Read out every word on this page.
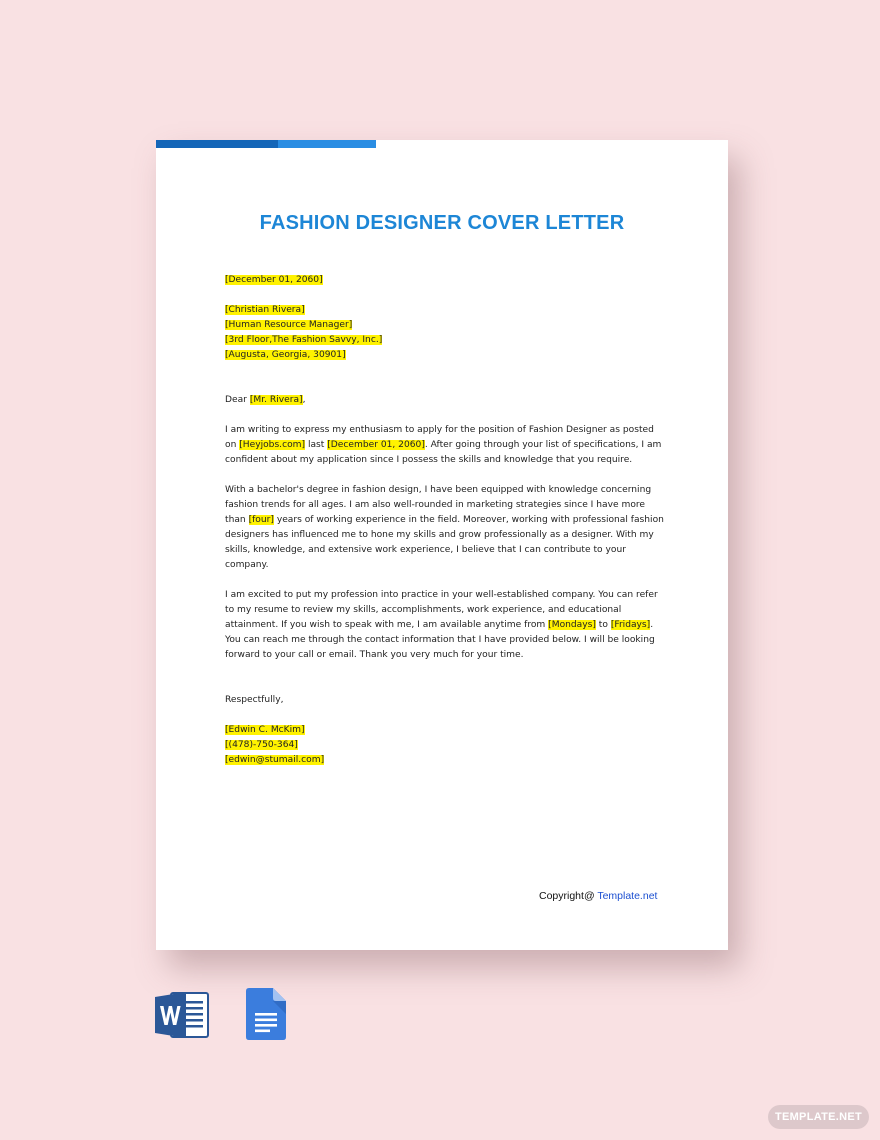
FASHION DESIGNER COVER LETTER

[December 01, 2060]

[Christian Rivera]

[Human Resource Manager]

[3rd Floor,The Fashion Savvy, Inc.]

[Augusta, Georgia, 30901]

Dear [Mr. Rivera],

I am writing to express my enthusiasm to apply for the position of Fashion Designer as posted on [Heyjobs.com] last [December 01, 2060]. After going through your list of specifications, I am confident about my application since I possess the skills and knowledge that you require.

With a bachelor's degree in fashion design, I have been equipped with knowledge concerning fashion trends for all ages. I am also well-rounded in marketing strategies since I have more than [four] years of working experience in the field. Moreover, working with professional fashion designers has influenced me to hone my skills and grow professionally as a designer. With my skills, knowledge, and extensive work experience, I believe that I can contribute to your company.

I am excited to put my profession into practice in your well-established company. You can refer to my resume to review my skills, accomplishments, work experience, and educational attainment. If you wish to speak with me, I am available anytime from [Mondays] to [Fridays]. You can reach me through the contact information that I have provided below. I will be looking forward to your call or email. Thank you very much for your time.

Respectfully,

[Edwin C. McKim]

[(478)-750-364]

[edwin@stumail.com]

Copyright@ Template.net
TEMPLATE.NET
